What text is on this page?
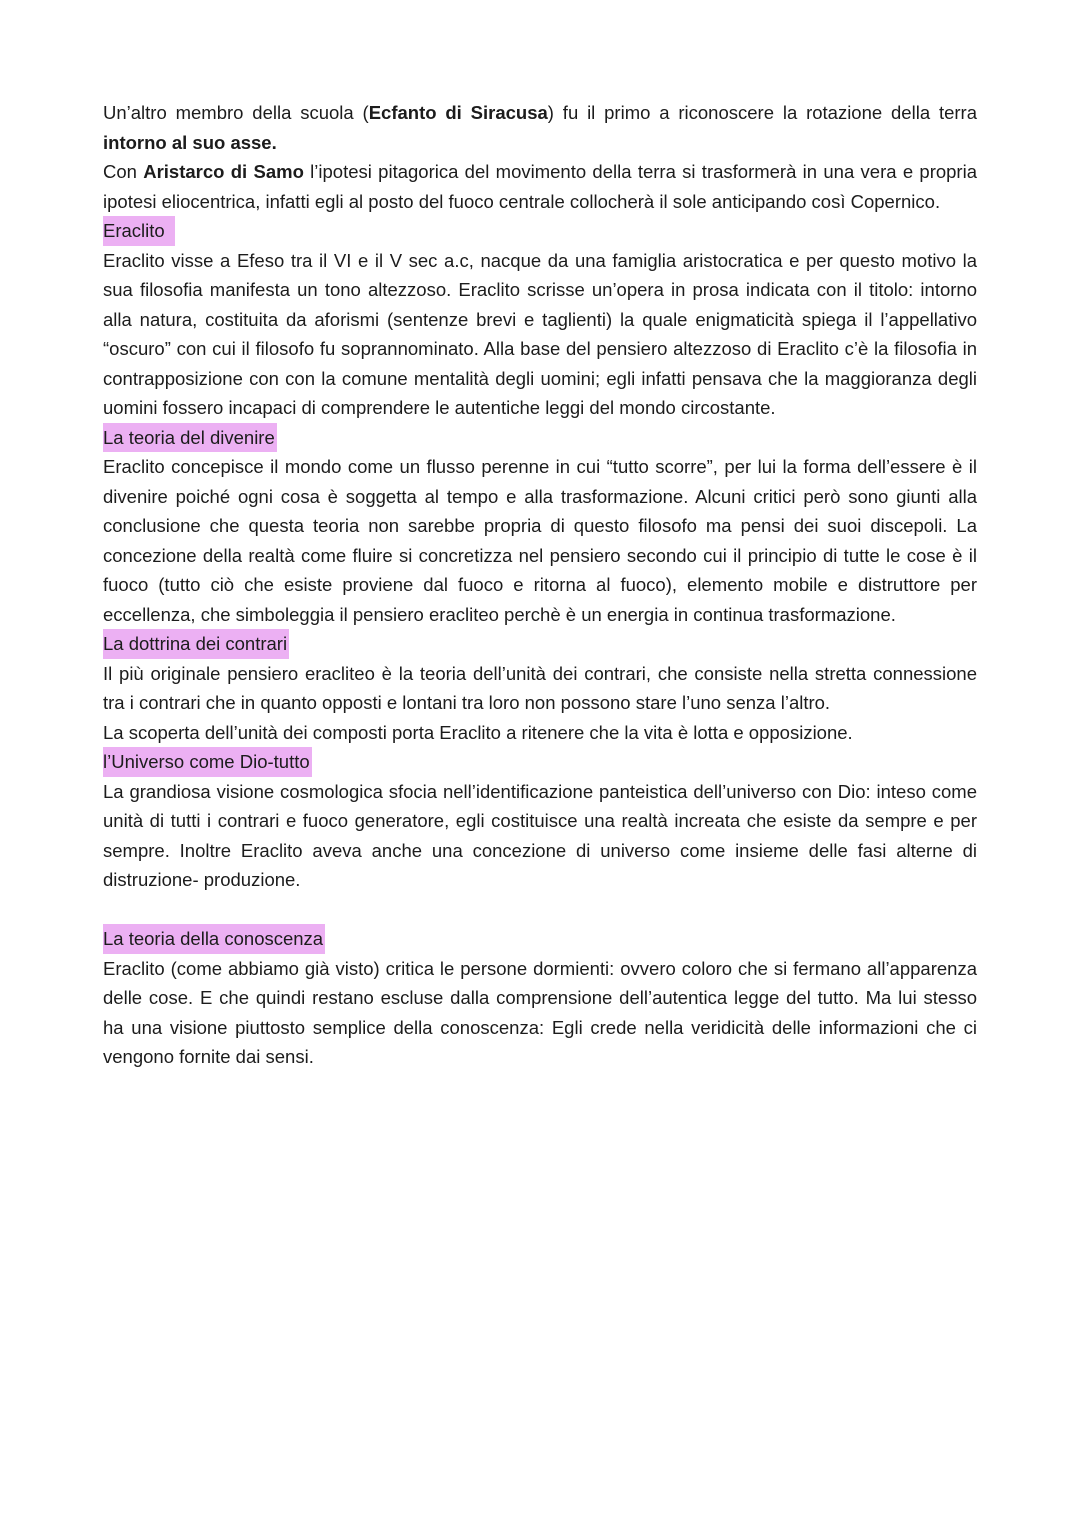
Un’altro membro della scuola (Ecfanto di Siracusa) fu il primo a riconoscere la rotazione della terra intorno al suo asse.

Con Aristarco di Samo l’ipotesi pitagorica del movimento della terra si trasformerà in una vera e propria ipotesi eliocentrica, infatti egli al posto del fuoco centrale collocherà il sole anticipando così Copernico.

Eraclito

Eraclito visse a Efeso tra il VI e il V sec a.c, nacque da una famiglia aristocratica e per questo motivo la sua filosofia manifesta un tono altezzoso. Eraclito scrisse un’opera in prosa indicata con il titolo: intorno alla natura, costituita da aforismi (sentenze brevi e taglienti) la quale enigmaticità spiega il l’appellativo “oscuro” con cui il filosofo fu soprannominato. Alla base del pensiero altezzoso di Eraclito c’è la filosofia in contrapposizione con con la comune mentalità degli uomini; egli infatti pensava che la maggioranza degli uomini fossero incapaci di comprendere le autentiche leggi del mondo circostante.

La teoria del divenire

Eraclito concepisce il mondo come un flusso perenne in cui “tutto scorre”, per lui la forma dell’essere è il divenire poiché ogni cosa è soggetta al tempo e alla trasformazione. Alcuni critici però sono giunti alla conclusione che questa teoria non sarebbe propria di questo filosofo ma pensi dei suoi discepoli. La concezione della realtà come fluire si concretizza nel pensiero secondo cui il principio di tutte le cose è il fuoco (tutto ciò che esiste proviene dal fuoco e ritorna al fuoco), elemento mobile e distruttore per eccellenza, che simboleggia il pensiero eracliteo perchè è un energia in continua trasformazione.

La dottrina dei contrari

Il più originale pensiero eracliteo è la teoria dell’unità dei contrari, che consiste nella stretta connessione tra i contrari che in quanto opposti e lontani tra loro non possono stare l’uno senza l’altro.

La scoperta dell’unità dei composti porta Eraclito a ritenere che la vita è lotta e opposizione.

l’Universo come Dio-tutto

La grandiosa visione cosmologica sfocia nell’identificazione panteistica dell’universo con Dio: inteso come unità di tutti i contrari e fuoco generatore, egli costituisce una realtà increata che esiste da sempre e per sempre. Inoltre Eraclito aveva anche una concezione di universo come insieme delle fasi alterne di distruzione- produzione.

La teoria della conoscenza

Eraclito (come abbiamo già visto) critica le persone dormienti: ovvero coloro che si fermano all’apparenza delle cose. E che quindi restano escluse dalla comprensione dell’autentica legge del tutto. Ma lui stesso ha una visione piuttosto semplice della conoscenza: Egli crede nella veridicità delle informazioni che ci vengono fornite dai sensi.
